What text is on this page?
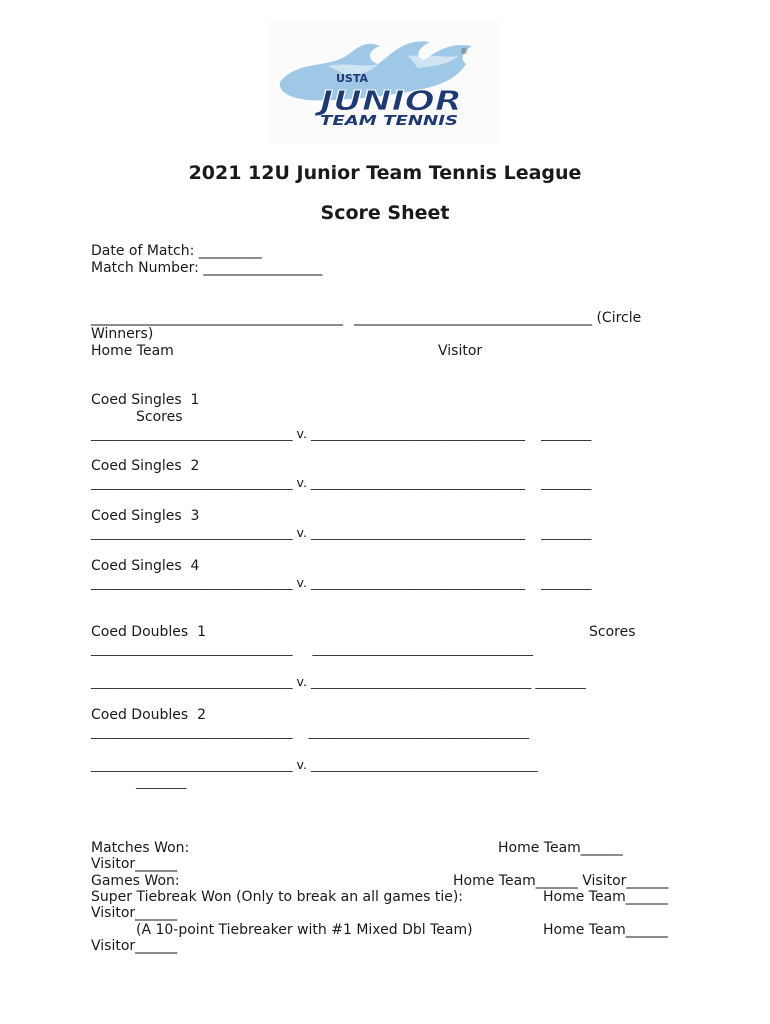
USTA
®
JUNIOR
TEAM TENNIS
2021 12U Junior Team Tennis League
Score Sheet
Date of Match: _________
Match Number: _________________
____________________________________ __________________________________ (Circle
Winners)
Home Team	Visitor
Coed Singles  1
Scores
________________________________ v. __________________________________    ________
Coed Singles  2
________________________________ v. __________________________________    ________
Coed Singles  3
________________________________ v. __________________________________    ________
Coed Singles  4
________________________________ v. __________________________________    ________
Coed Doubles  1	Scores
________________________________     ___________________________________
________________________________ v. ___________________________________ ________
Coed Doubles  2
________________________________    ___________________________________
________________________________ v. ____________________________________
________
Matches Won:	Home Team______
Visitor______
Games Won:	Home Team______ Visitor______
Super Tiebreak Won (Only to break an all games tie):	Home Team______
Visitor______
(A 10-point Tiebreaker with #1 Mixed Dbl Team)	Home Team______
Visitor______
